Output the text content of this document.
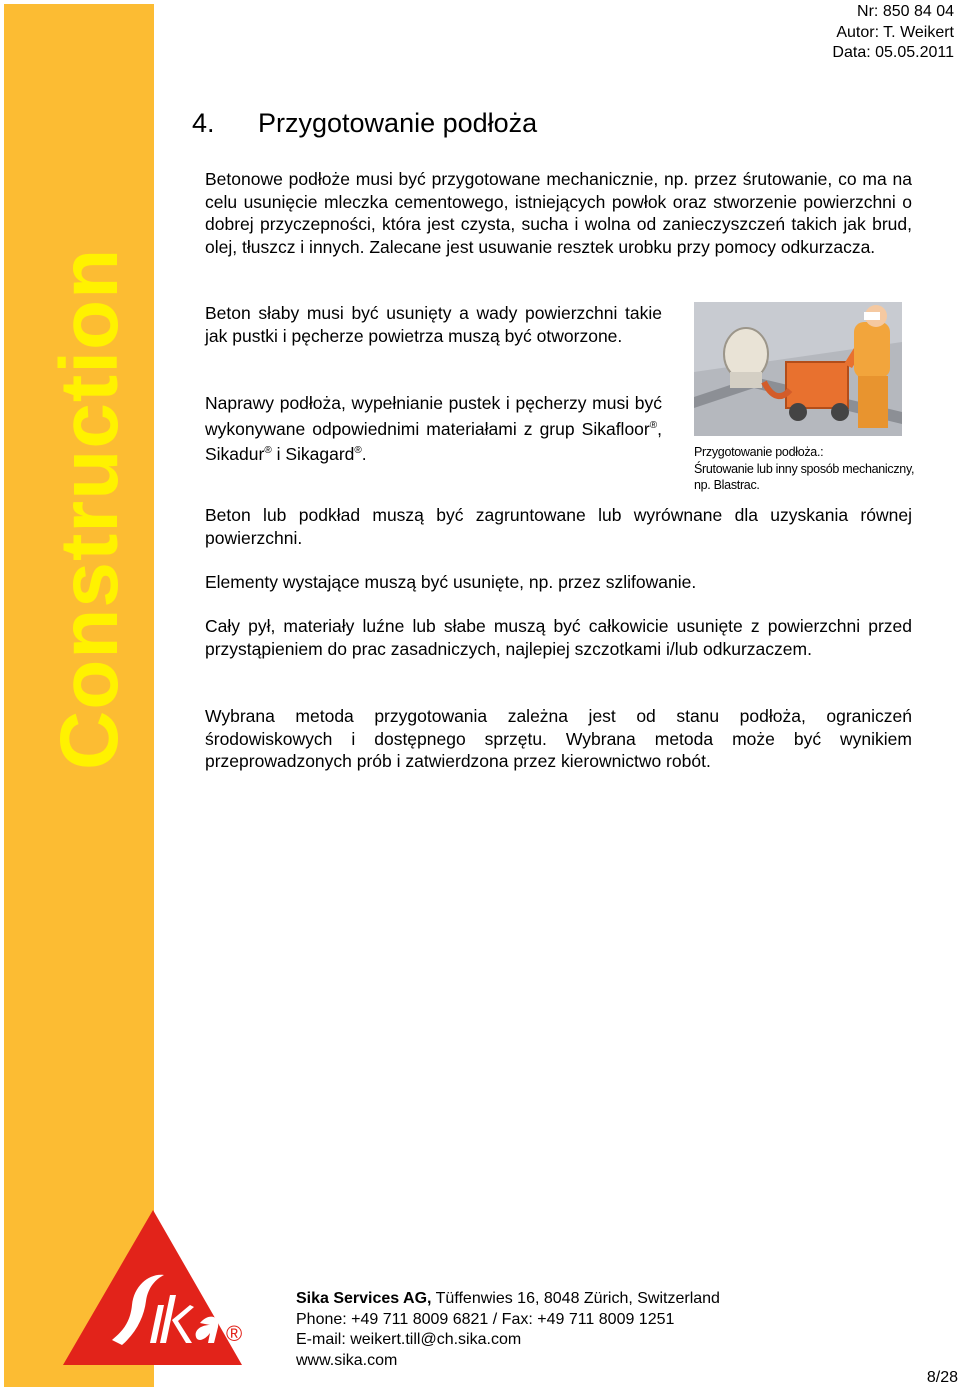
Construction
®
Nr: 850 84 04
Autor: T. Weikert
Data: 05.05.2011
4. Przygotowanie podłoża

Betonowe podłoże musi być przygotowane mechanicznie, np. przez śrutowanie, co ma na celu usunięcie mleczka cementowego, istniejących powłok oraz stworzenie powierzchni o dobrej przyczepności, która jest czysta, sucha i wolna od zanieczyszczeń takich jak brud, olej, tłuszcz i innych. Zalecane jest usuwanie resztek urobku przy pomocy odkurzacza.

Beton słaby musi być usunięty a wady powierzchni takie jak pustki i pęcherze powietrza muszą być otworzone.

Naprawy podłoża, wypełnianie pustek i pęcherzy musi być wykonywane odpowiednimi materiałami z grup Sikafloor®, Sikadur® i Sikagard®.	Przygotowanie podłoża.:
Śrutowanie lub inny sposób mechaniczny,
np. Blastrac.

Beton lub podkład muszą być zagruntowane lub wyrównane dla uzyskania równej powierzchni.

Elementy wystające muszą być usunięte, np. przez szlifowanie.

Cały pył, materiały luźne lub słabe muszą być całkowicie usunięte z powierzchni przed przystąpieniem do prac zasadniczych, najlepiej szczotkami i/lub odkurzaczem.

Wybrana metoda przygotowania zależna jest od stanu podłoża, ograniczeń środowiskowych i dostępnego sprzętu. Wybrana metoda może być wynikiem przeprowadzonych prób i zatwierdzona przez kierownictwo robót.

Sika Services AG, Tüffenwies 16, 8048 Zürich, Switzerland
Phone: +49 711 8009 6821 / Fax: +49 711 8009 1251
E-mail: weikert.till@ch.sika.com
www.sika.com
8/28
